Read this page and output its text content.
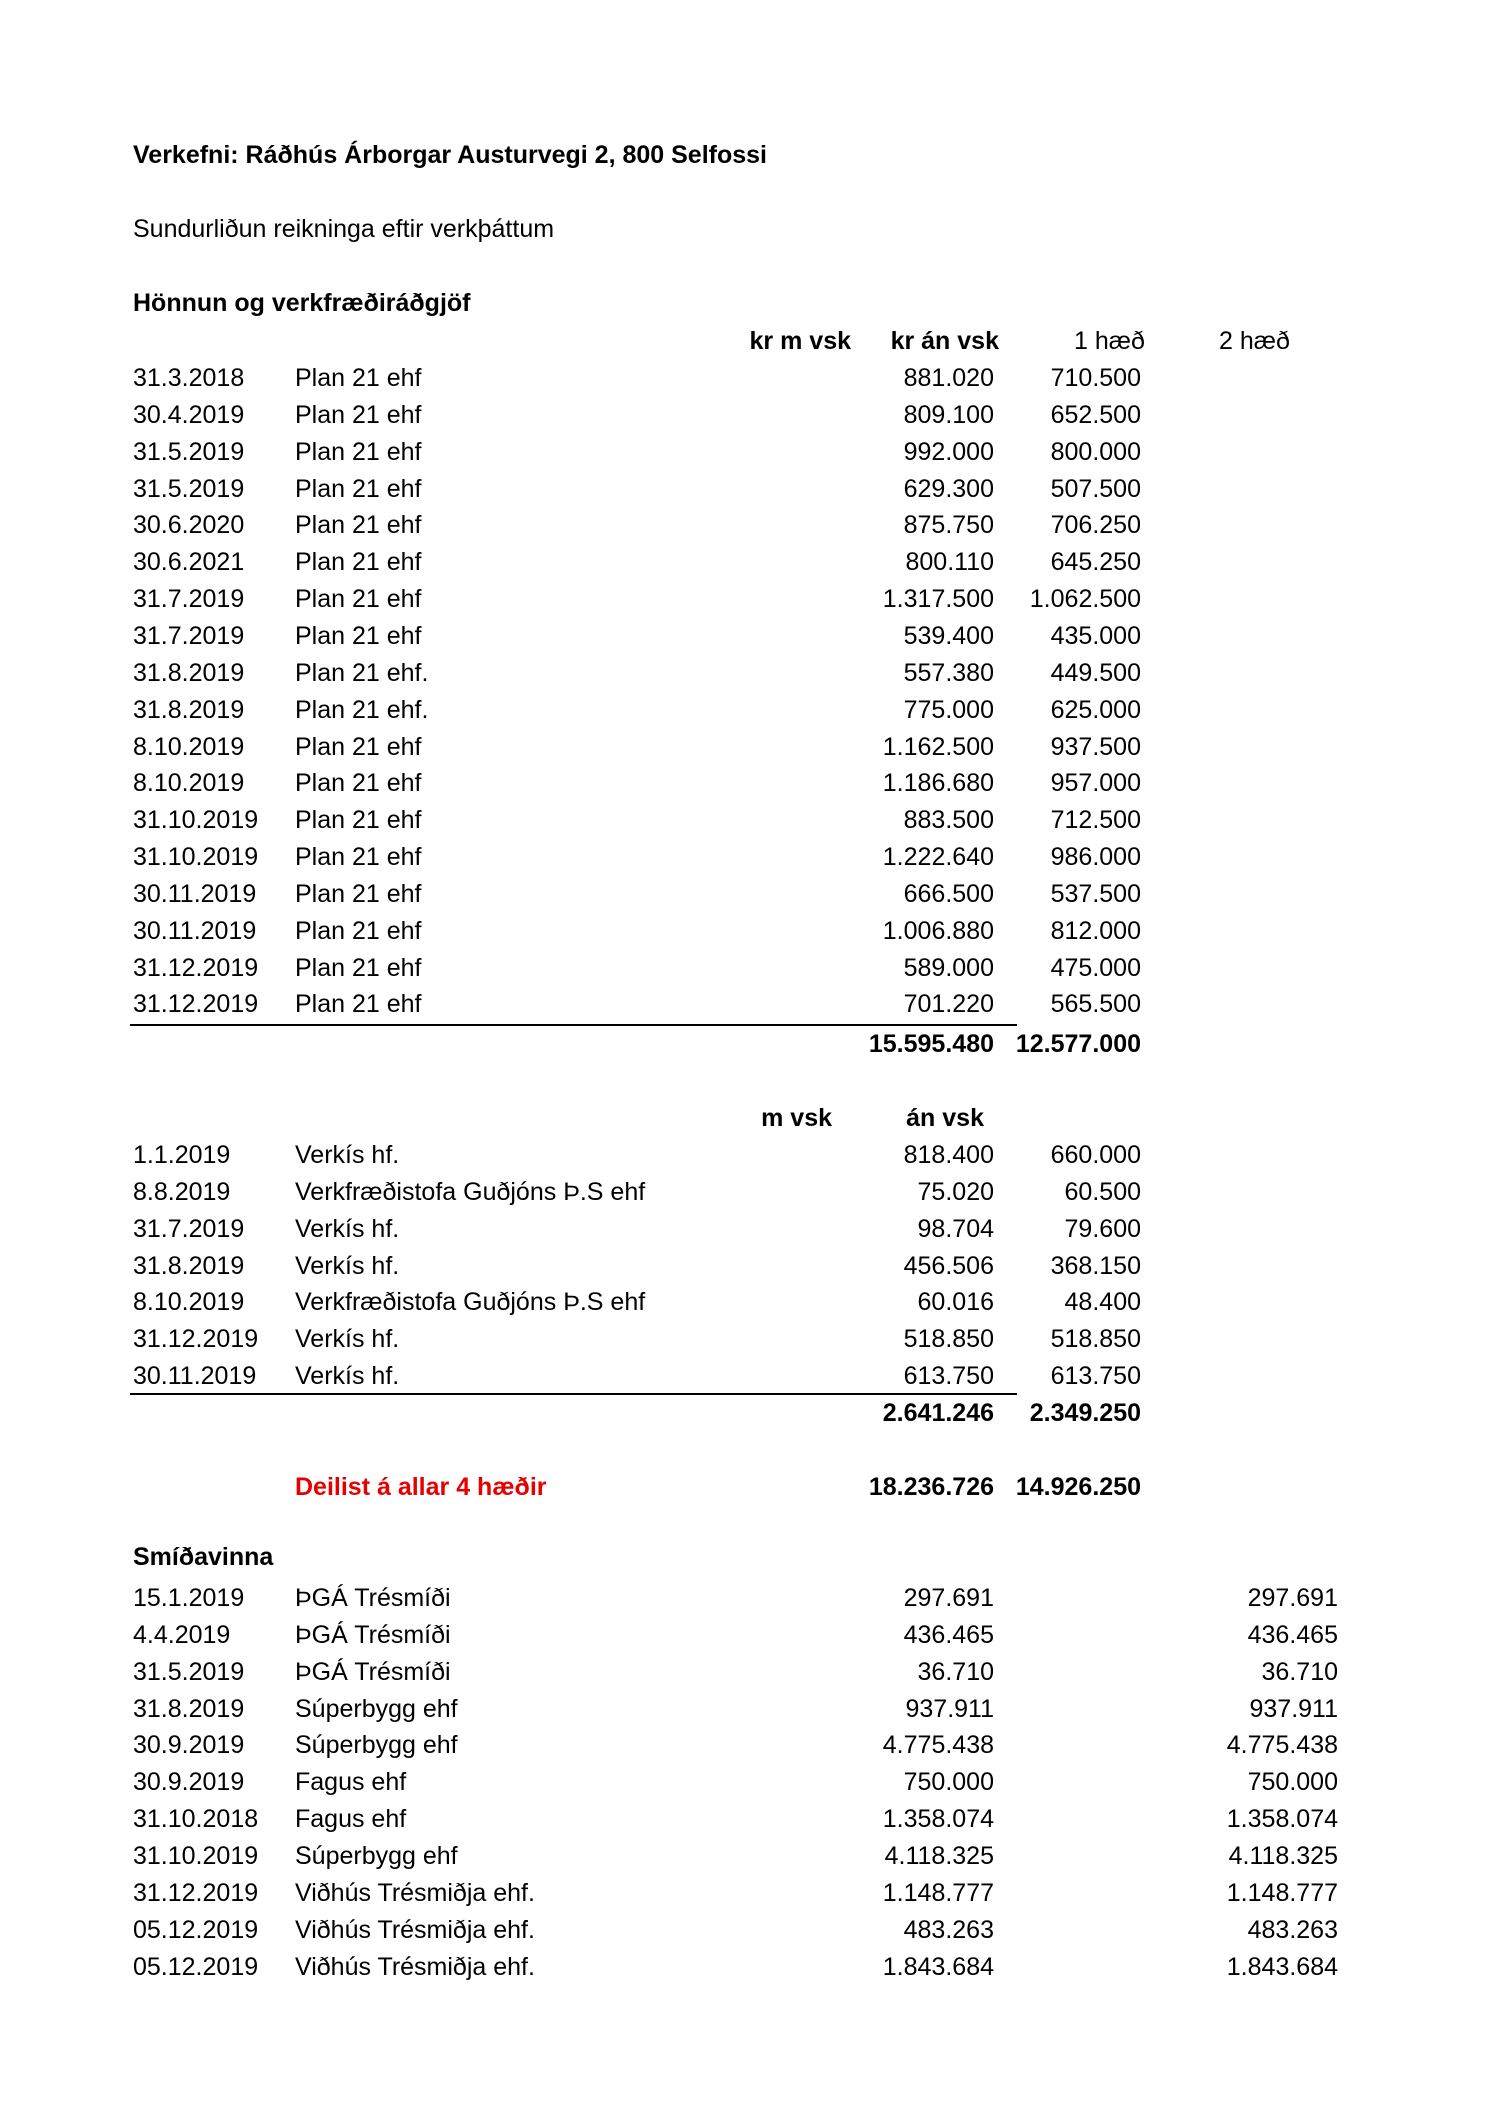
Verkefni: Ráðhús Árborgar Austurvegi 2, 800 Selfossi
Sundurliðun reikninga eftir verkþáttum
Hönnun og verkfræðiráðgjöf
kr m vsk	kr án vsk	1 hæð	2 hæð
31.3.2018 Plan 21 ehf	881.020	710.500
30.4.2019 Plan 21 ehf	809.100	652.500
31.5.2019 Plan 21 ehf	992.000	800.000
31.5.2019 Plan 21 ehf	629.300	507.500
30.6.2020 Plan 21 ehf	875.750	706.250
30.6.2021 Plan 21 ehf	800.110	645.250
31.7.2019 Plan 21 ehf	1.317.500	1.062.500
31.7.2019 Plan 21 ehf	539.400	435.000
31.8.2019 Plan 21 ehf.	557.380	449.500
31.8.2019 Plan 21 ehf.	775.000	625.000
8.10.2019 Plan 21 ehf	1.162.500	937.500
8.10.2019 Plan 21 ehf	1.186.680	957.000
31.10.2019 Plan 21 ehf	883.500	712.500
31.10.2019 Plan 21 ehf	1.222.640	986.000
30.11.2019 Plan 21 ehf	666.500	537.500
30.11.2019 Plan 21 ehf	1.006.880	812.000
31.12.2019 Plan 21 ehf	589.000	475.000
31.12.2019 Plan 21 ehf	701.220	565.500
15.595.480 12.577.000
m vsk	án vsk
1.1.2019	Verkís hf.	818.400	660.000
8.8.2019	Verkfræðistofa Guðjóns Þ.S ehf	75.020	60.500
31.7.2019 Verkís hf.	98.704	79.600
31.8.2019 Verkís hf.	456.506	368.150
8.10.2019 Verkfræðistofa Guðjóns Þ.S ehf	60.016	48.400
31.12.2019 Verkís hf.	518.850	518.850
30.11.2019 Verkís hf.	613.750	613.750
2.641.246	2.349.250
Deilist á allar 4 hæðir	18.236.726 14.926.250
Smíðavinna
15.1.2019 ÞGÁ Trésmíði	297.691	297.691
4.4.2019	ÞGÁ Trésmíði	436.465	436.465
31.5.2019 ÞGÁ Trésmíði	36.710	36.710
31.8.2019 Súperbygg ehf	937.911	937.911
30.9.2019 Súperbygg ehf	4.775.438	4.775.438
30.9.2019 Fagus ehf	750.000	750.000
31.10.2018 Fagus ehf	1.358.074	1.358.074
31.10.2019 Súperbygg ehf	4.118.325	4.118.325
31.12.2019 Viðhús Trésmiðja ehf.	1.148.777	1.148.777
05.12.2019 Viðhús Trésmiðja ehf.	483.263	483.263
05.12.2019 Viðhús Trésmiðja ehf.	1.843.684	1.843.684
